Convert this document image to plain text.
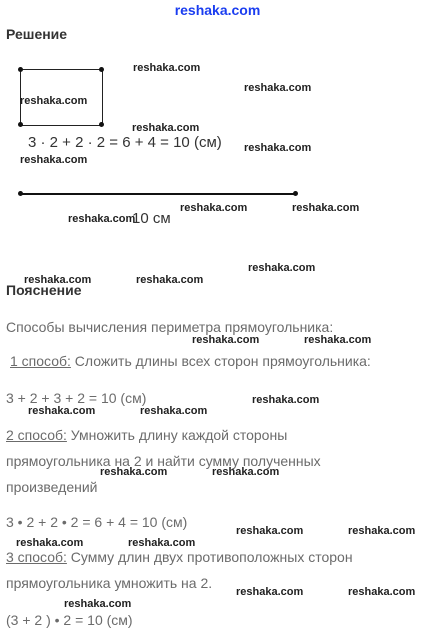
reshaka.com
Решение
3 · 2 + 2 · 2 = 6 + 4 = 10 (см)
10 см
Пояснение
Способы вычисления периметра прямоугольника:
1 способ: Сложить длины всех сторон прямоугольника:
3 + 2 + 3 + 2 = 10 (см)
2 способ: Умножить длину каждой стороны
прямоугольника на 2 и найти сумму полученных
произведений
3 • 2 + 2 • 2 = 6 + 4 = 10 (см)
3 способ: Сумму длин двух противоположных сторон
прямоугольника умножить на 2.
(3 + 2 ) • 2 = 10 (см)
reshaka.com
reshaka.com
reshaka.com
reshaka.com
reshaka.com
reshaka.com
reshaka.com	reshaka.com
reshaka.com
reshaka.com
reshaka.com	reshaka.com
reshaka.com	reshaka.com
reshaka.com
reshaka.com	reshaka.com
reshaka.com	reshaka.com
reshaka.com	reshaka.com
reshaka.com	reshaka.com
reshaka.com	reshaka.com
reshaka.com
